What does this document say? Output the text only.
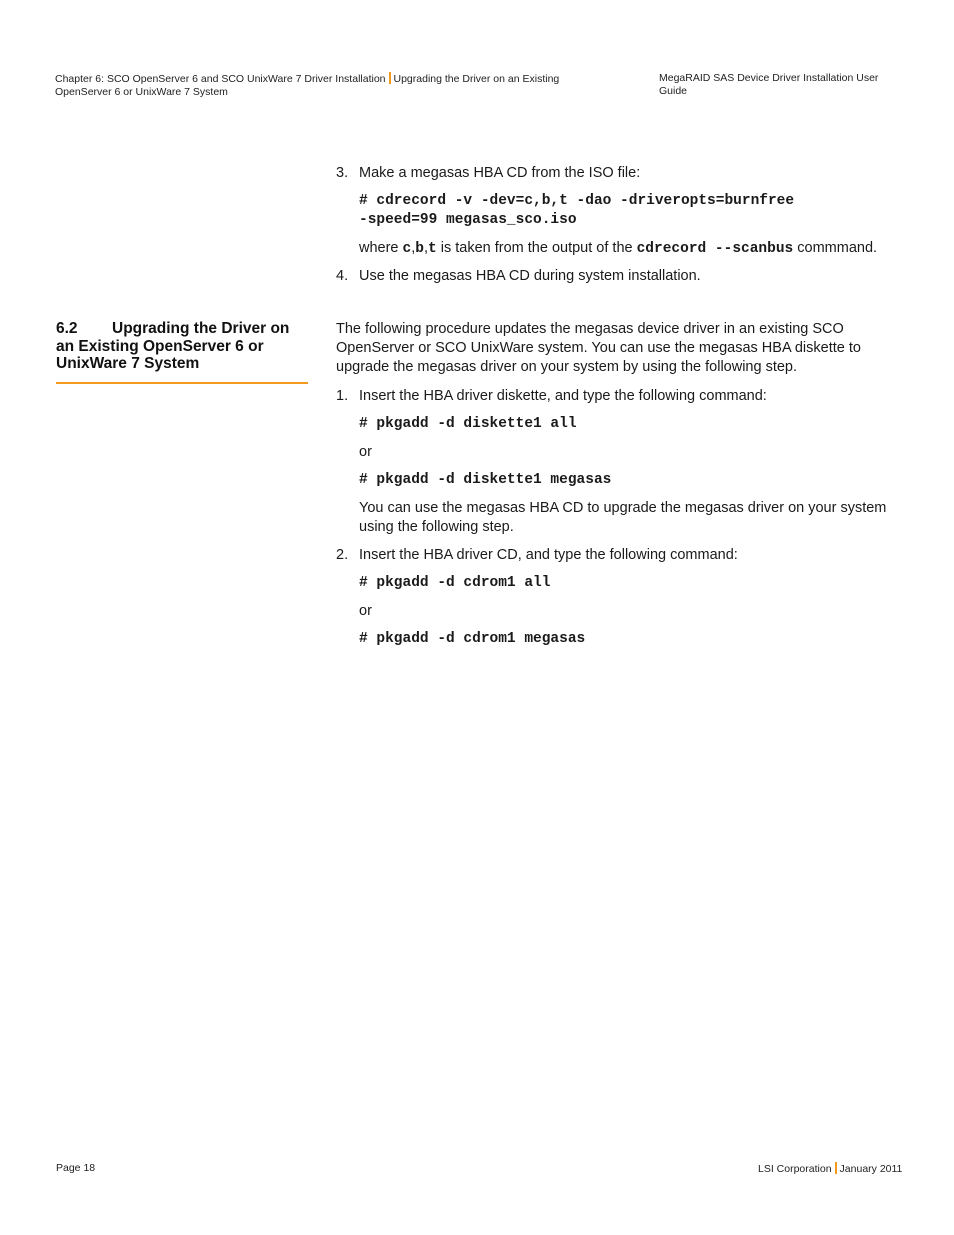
Chapter 6: SCO OpenServer 6 and SCO UnixWare 7 Driver Installation Upgrading the Driver on an Existing
OpenServer 6 or UnixWare 7 System
MegaRAID SAS Device Driver Installation User Guide
3. Make a megasas HBA CD from the ISO file:
# cdrecord -v -dev=c,b,t -dao -driveropts=burnfree
-speed=99 megasas_sco.iso
where c,b,t is taken from the output of the cdrecord --scanbus commmand.
4. Use the megasas HBA CD during system installation.
6.2 Upgrading the Driver on
an Existing OpenServer 6 or
UnixWare 7 System
The following procedure updates the megasas device driver in an existing SCO
OpenServer or SCO UnixWare system. You can use the megasas HBA diskette to
upgrade the megasas driver on your system by using the following step.
1. Insert the HBA driver diskette, and type the following command:
# pkgadd -d diskette1 all
or
# pkgadd -d diskette1 megasas
You can use the megasas HBA CD to upgrade the megasas driver on your system
using the following step.
2. Insert the HBA driver CD, and type the following command:
# pkgadd -d cdrom1 all
or
# pkgadd -d cdrom1 megasas
Page 18	LSI Corporation January 2011
